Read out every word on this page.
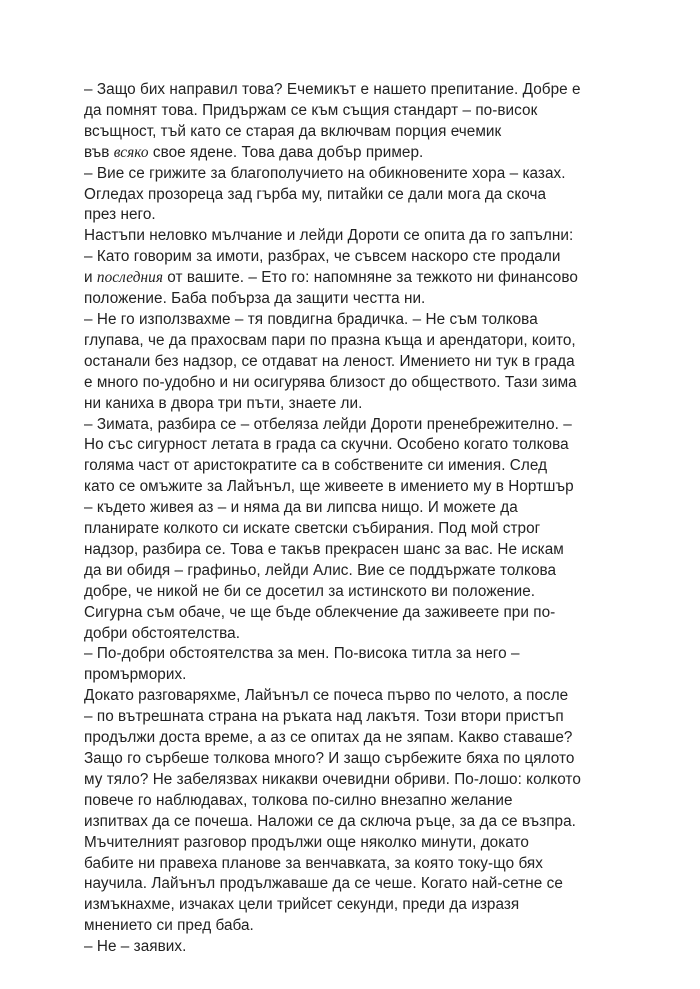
– Защо бих направил това? Ечемикът е нашето препитание. Добре е
да помнят това. Придържам се към същия стандарт – по-висок
всъщност, тъй като се старая да включвам порция ечемик
във всяко свое ядене. Това дава добър пример.
– Вие се грижите за благополучието на обикновените хора – казах.
Огледах прозореца зад гърба му, питайки се дали мога да скоча
през него.
Настъпи неловко мълчание и лейди Дороти се опита да го запълни:
– Като говорим за имоти, разбрах, че съвсем наскоро сте продали
и последния от вашите. – Ето го: напомняне за тежкото ни финансово
положение. Баба побърза да защити честта ни.
– Не го използвахме – тя повдигна брадичка. – Не съм толкова
глупава, че да прахосвам пари по празна къща и арендатори, които,
останали без надзор, се отдават на леност. Имението ни тук в града
е много по-удобно и ни осигурява близост до обществото. Тази зима
ни каниха в двора три пъти, знаете ли.
– Зимата, разбира се – отбеляза лейди Дороти пренебрежително. –
Но със сигурност летата в града са скучни. Особено когато толкова
голяма част от аристократите са в собствените си имения. След
като се омъжите за Лайънъл, ще живеете в имението му в Нортшър
– където живея аз – и няма да ви липсва нищо. И можете да
планирате колкото си искате светски събирания. Под мой строг
надзор, разбира се. Това е такъв прекрасен шанс за вас. Не искам
да ви обидя – графиньо, лейди Алис. Вие се поддържате толкова
добре, че никой не би се досетил за истинското ви положение.
Сигурна съм обаче, че ще бъде облекчение да заживеете при по-
добри обстоятелства.
– По-добри обстоятелства за мен. По-висока титла за него –
промърморих.
Докато разговаряхме, Лайънъл се почеса първо по челото, а после
– по вътрешната страна на ръката над лакътя. Този втори пристъп
продължи доста време, а аз се опитах да не зяпам. Какво ставаше?
Защо го сърбеше толкова много? И защо сърбежите бяха по цялото
му тяло? Не забелязвах никакви очевидни обриви. По-лошо: колкото
повече го наблюдавах, толкова по-силно внезапно желание
изпитвах да се почеша. Наложи се да сключа ръце, за да се възпра.
Мъчителният разговор продължи още няколко минути, докато
бабите ни правеха планове за венчавката, за която току-що бях
научила. Лайънъл продължаваше да се чеше. Когато най-сетне се
измъкнахме, изчаках цели трийсет секунди, преди да изразя
мнението си пред баба.
– Не – заявих.
